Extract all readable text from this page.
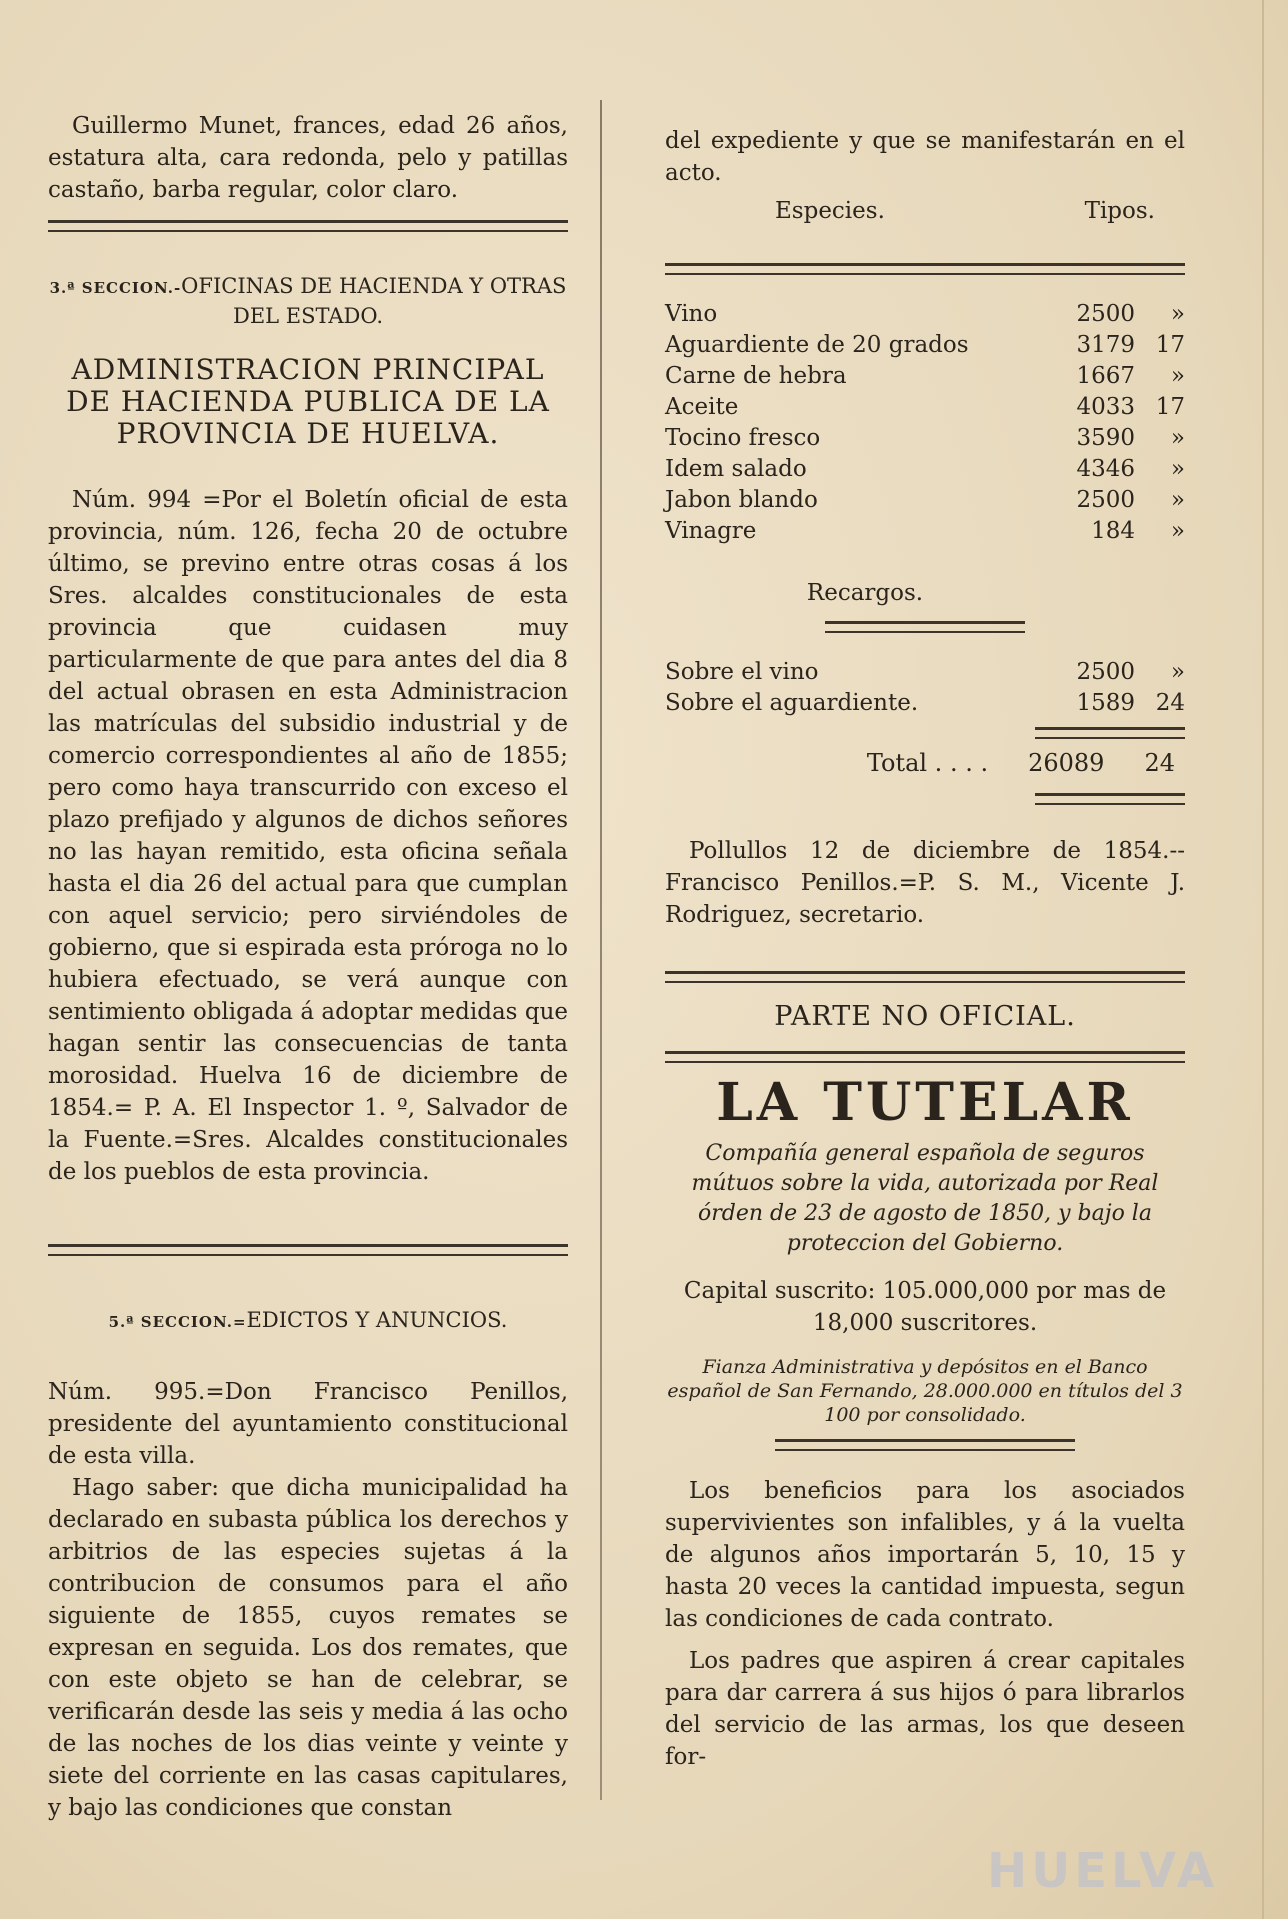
Guillermo Munet, frances, edad 26 años, estatura alta, cara redonda, pelo y patillas castaño, barba regular, color claro.

3.ª SECCION.-OFICINAS DE HACIENDA Y OTRAS DEL ESTADO.
ADMINISTRACION PRINCIPAL DE HACIENDA PUBLICA DE LA PROVINCIA DE HUELVA.

Núm. 994 =Por el Boletín oficial de esta provincia, núm. 126, fecha 20 de octubre último, se previno entre otras cosas á los Sres. alcaldes constitucionales de esta provincia que cuidasen muy particularmente de que para antes del dia 8 del actual obrasen en esta Administracion las matrículas del subsidio industrial y de comercio correspondientes al año de 1855; pero como haya transcurrido con exceso el plazo prefijado y algunos de dichos señores no las hayan remitido, esta oficina señala hasta el dia 26 del actual para que cumplan con aquel servicio; pero sirviéndoles de gobierno, que si espirada esta próroga no lo hubiera efectuado, se verá aunque con sentimiento obligada á adoptar medidas que hagan sentir las consecuencias de tanta morosidad. Huelva 16 de diciembre de 1854.= P. A. El Inspector 1. º, Salvador de la Fuente.=Sres. Alcaldes constitucionales de los pueblos de esta provincia.

5.ª SECCION.=EDICTOS Y ANUNCIOS.

Núm. 995.=Don Francisco Penillos, presidente del ayuntamiento constitucional de esta villa.

Hago saber: que dicha municipalidad ha declarado en subasta pública los derechos y arbitrios de las especies sujetas á la contribucion de consumos para el año siguiente de 1855, cuyos remates se expresan en seguida. Los dos remates, que con este objeto se han de celebrar, se verificarán desde las seis y media á las ocho de las noches de los dias veinte y veinte y siete del corriente en las casas capitulares, y bajo las condiciones que constan

del expediente y que se manifestarán en el acto.

Especies.	Tipos.
Vino		2500	»
Aguardiente de 20 grados		3179	17
Carne de hebra		1667	»
Aceite		4033	17
Tocino fresco		3590	»
Idem salado		4346	»
Jabon blando		2500	»
Vinagre		184	»
Recargos.
Sobre el vino		2500	»
Sobre el aguardiente.		1589	24
Total . . . . 26089 24

Pollullos 12 de diciembre de 1854.-- Francisco Penillos.=P. S. M., Vicente J. Rodriguez, secretario.

PARTE NO OFICIAL.
LA TUTELAR

Compañía general española de seguros mútuos sobre la vida, autorizada por Real órden de 23 de agosto de 1850, y bajo la proteccion del Gobierno.

Capital suscrito: 105.000,000 por mas de 18,000 suscritores.

Fianza Administrativa y depósitos en el Banco español de San Fernando, 28.000.000 en títulos del 3 100 por consolidado.

Los beneficios para los asociados supervivientes son infalibles, y á la vuelta de algunos años importarán 5, 10, 15 y hasta 20 veces la cantidad impuesta, segun las condiciones de cada contrato.

Los padres que aspiren á crear capitales para dar carrera á sus hijos ó para librarlos del servicio de las armas, los que deseen for-

HUELVA
